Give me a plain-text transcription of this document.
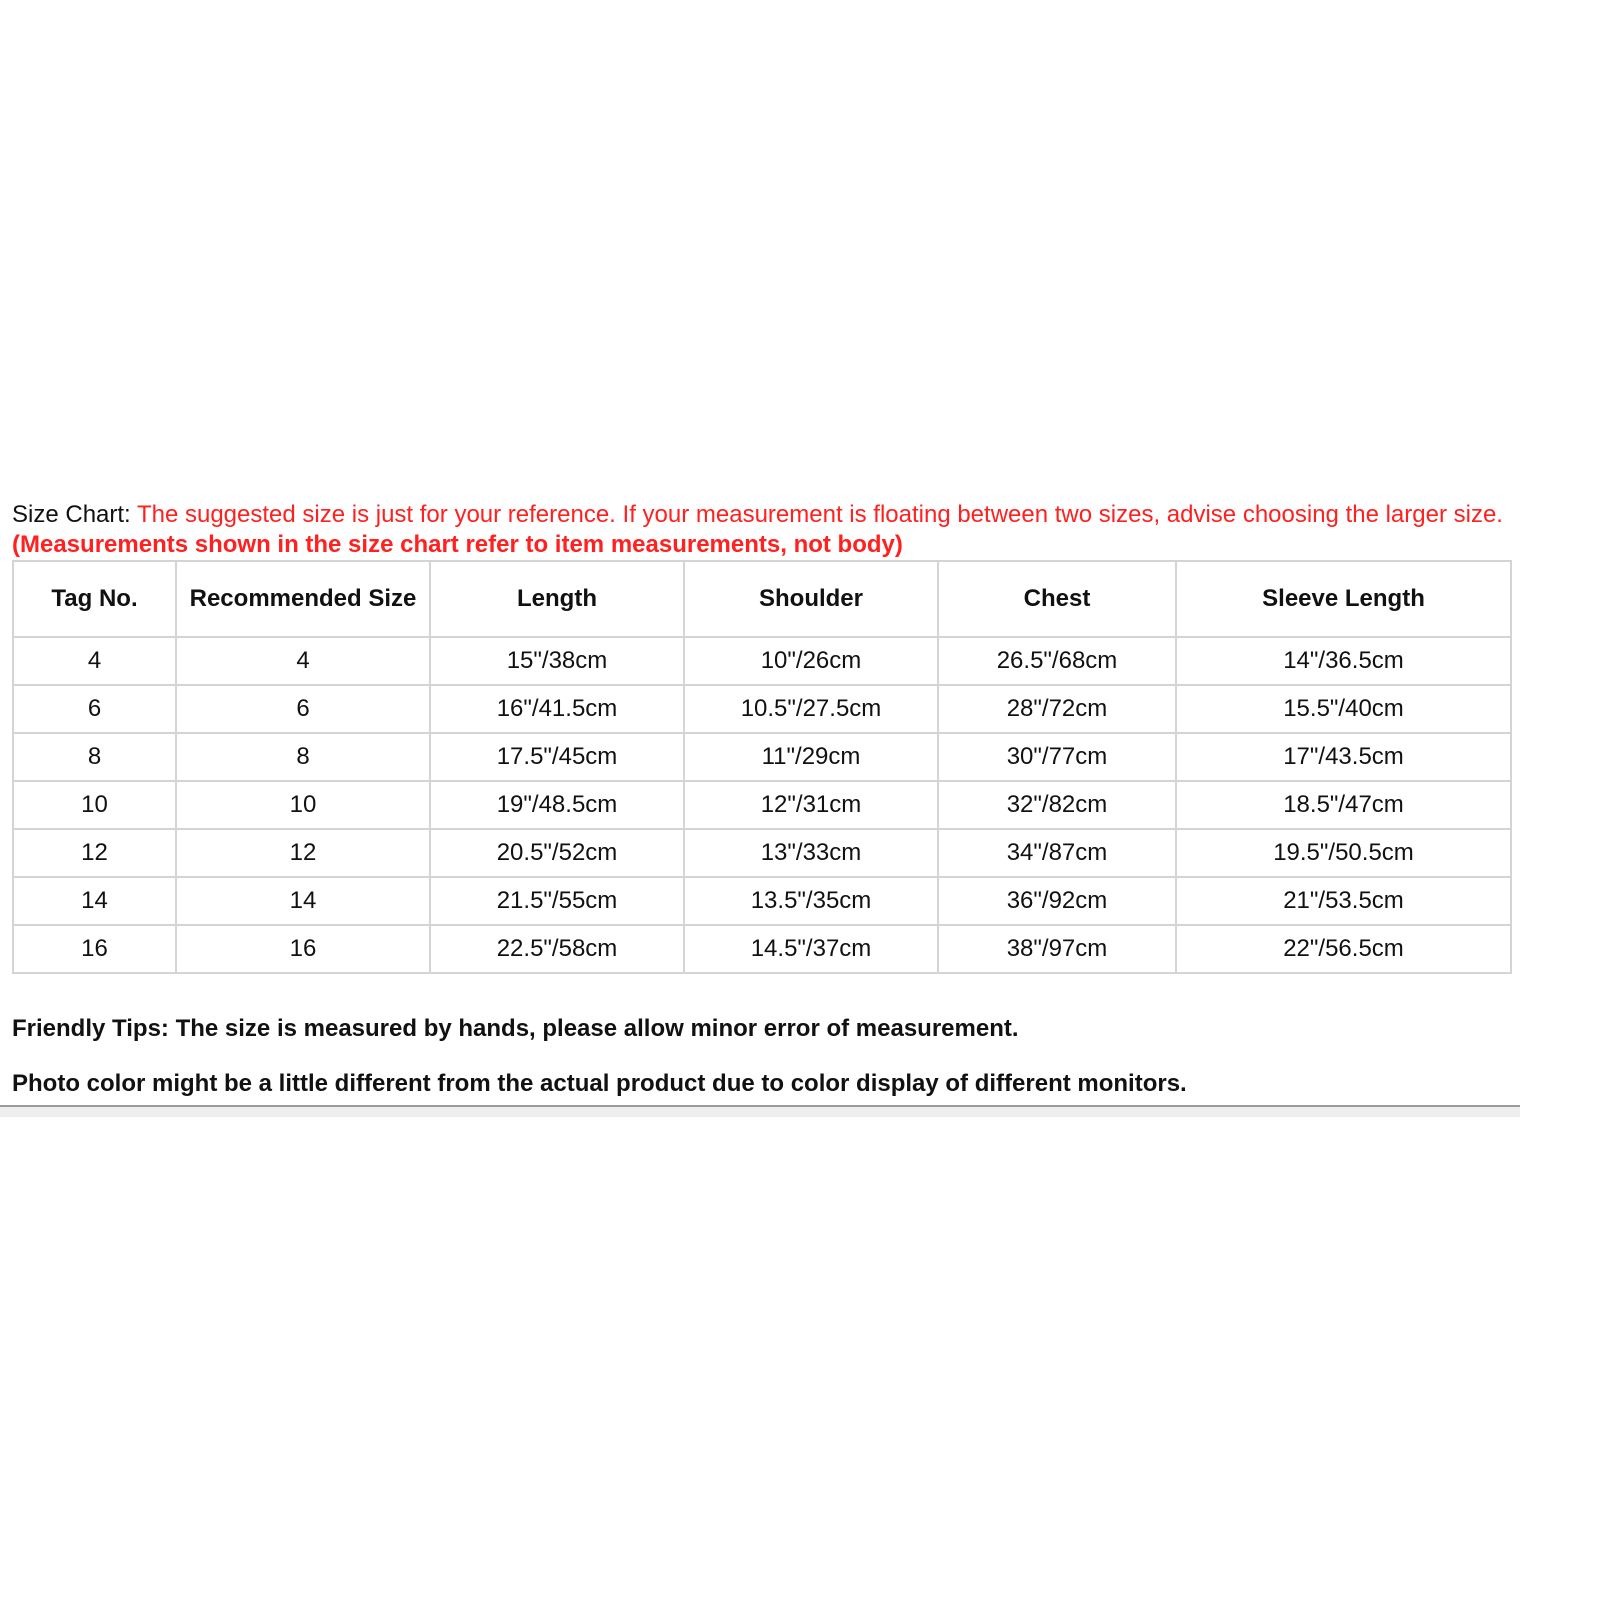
Size Chart: The suggested size is just for your reference. If your measurement is floating between two sizes, advise choosing the larger size. (Measurements shown in the size chart refer to item measurements, not body)
Tag No.	Recommended Size	Length	Shoulder	Chest	Sleeve Length
4	4	15"/38cm	10"/26cm	26.5"/68cm	14"/36.5cm
6	6	16"/41.5cm	10.5"/27.5cm	28"/72cm	15.5"/40cm
8	8	17.5"/45cm	11"/29cm	30"/77cm	17"/43.5cm
10	10	19"/48.5cm	12"/31cm	32"/82cm	18.5"/47cm
12	12	20.5"/52cm	13"/33cm	34"/87cm	19.5"/50.5cm
14	14	21.5"/55cm	13.5"/35cm	36"/92cm	21"/53.5cm
16	16	22.5"/58cm	14.5"/37cm	38"/97cm	22"/56.5cm
Friendly Tips: The size is measured by hands, please allow minor error of measurement.
Photo color might be a little different from the actual product due to color display of different monitors.
